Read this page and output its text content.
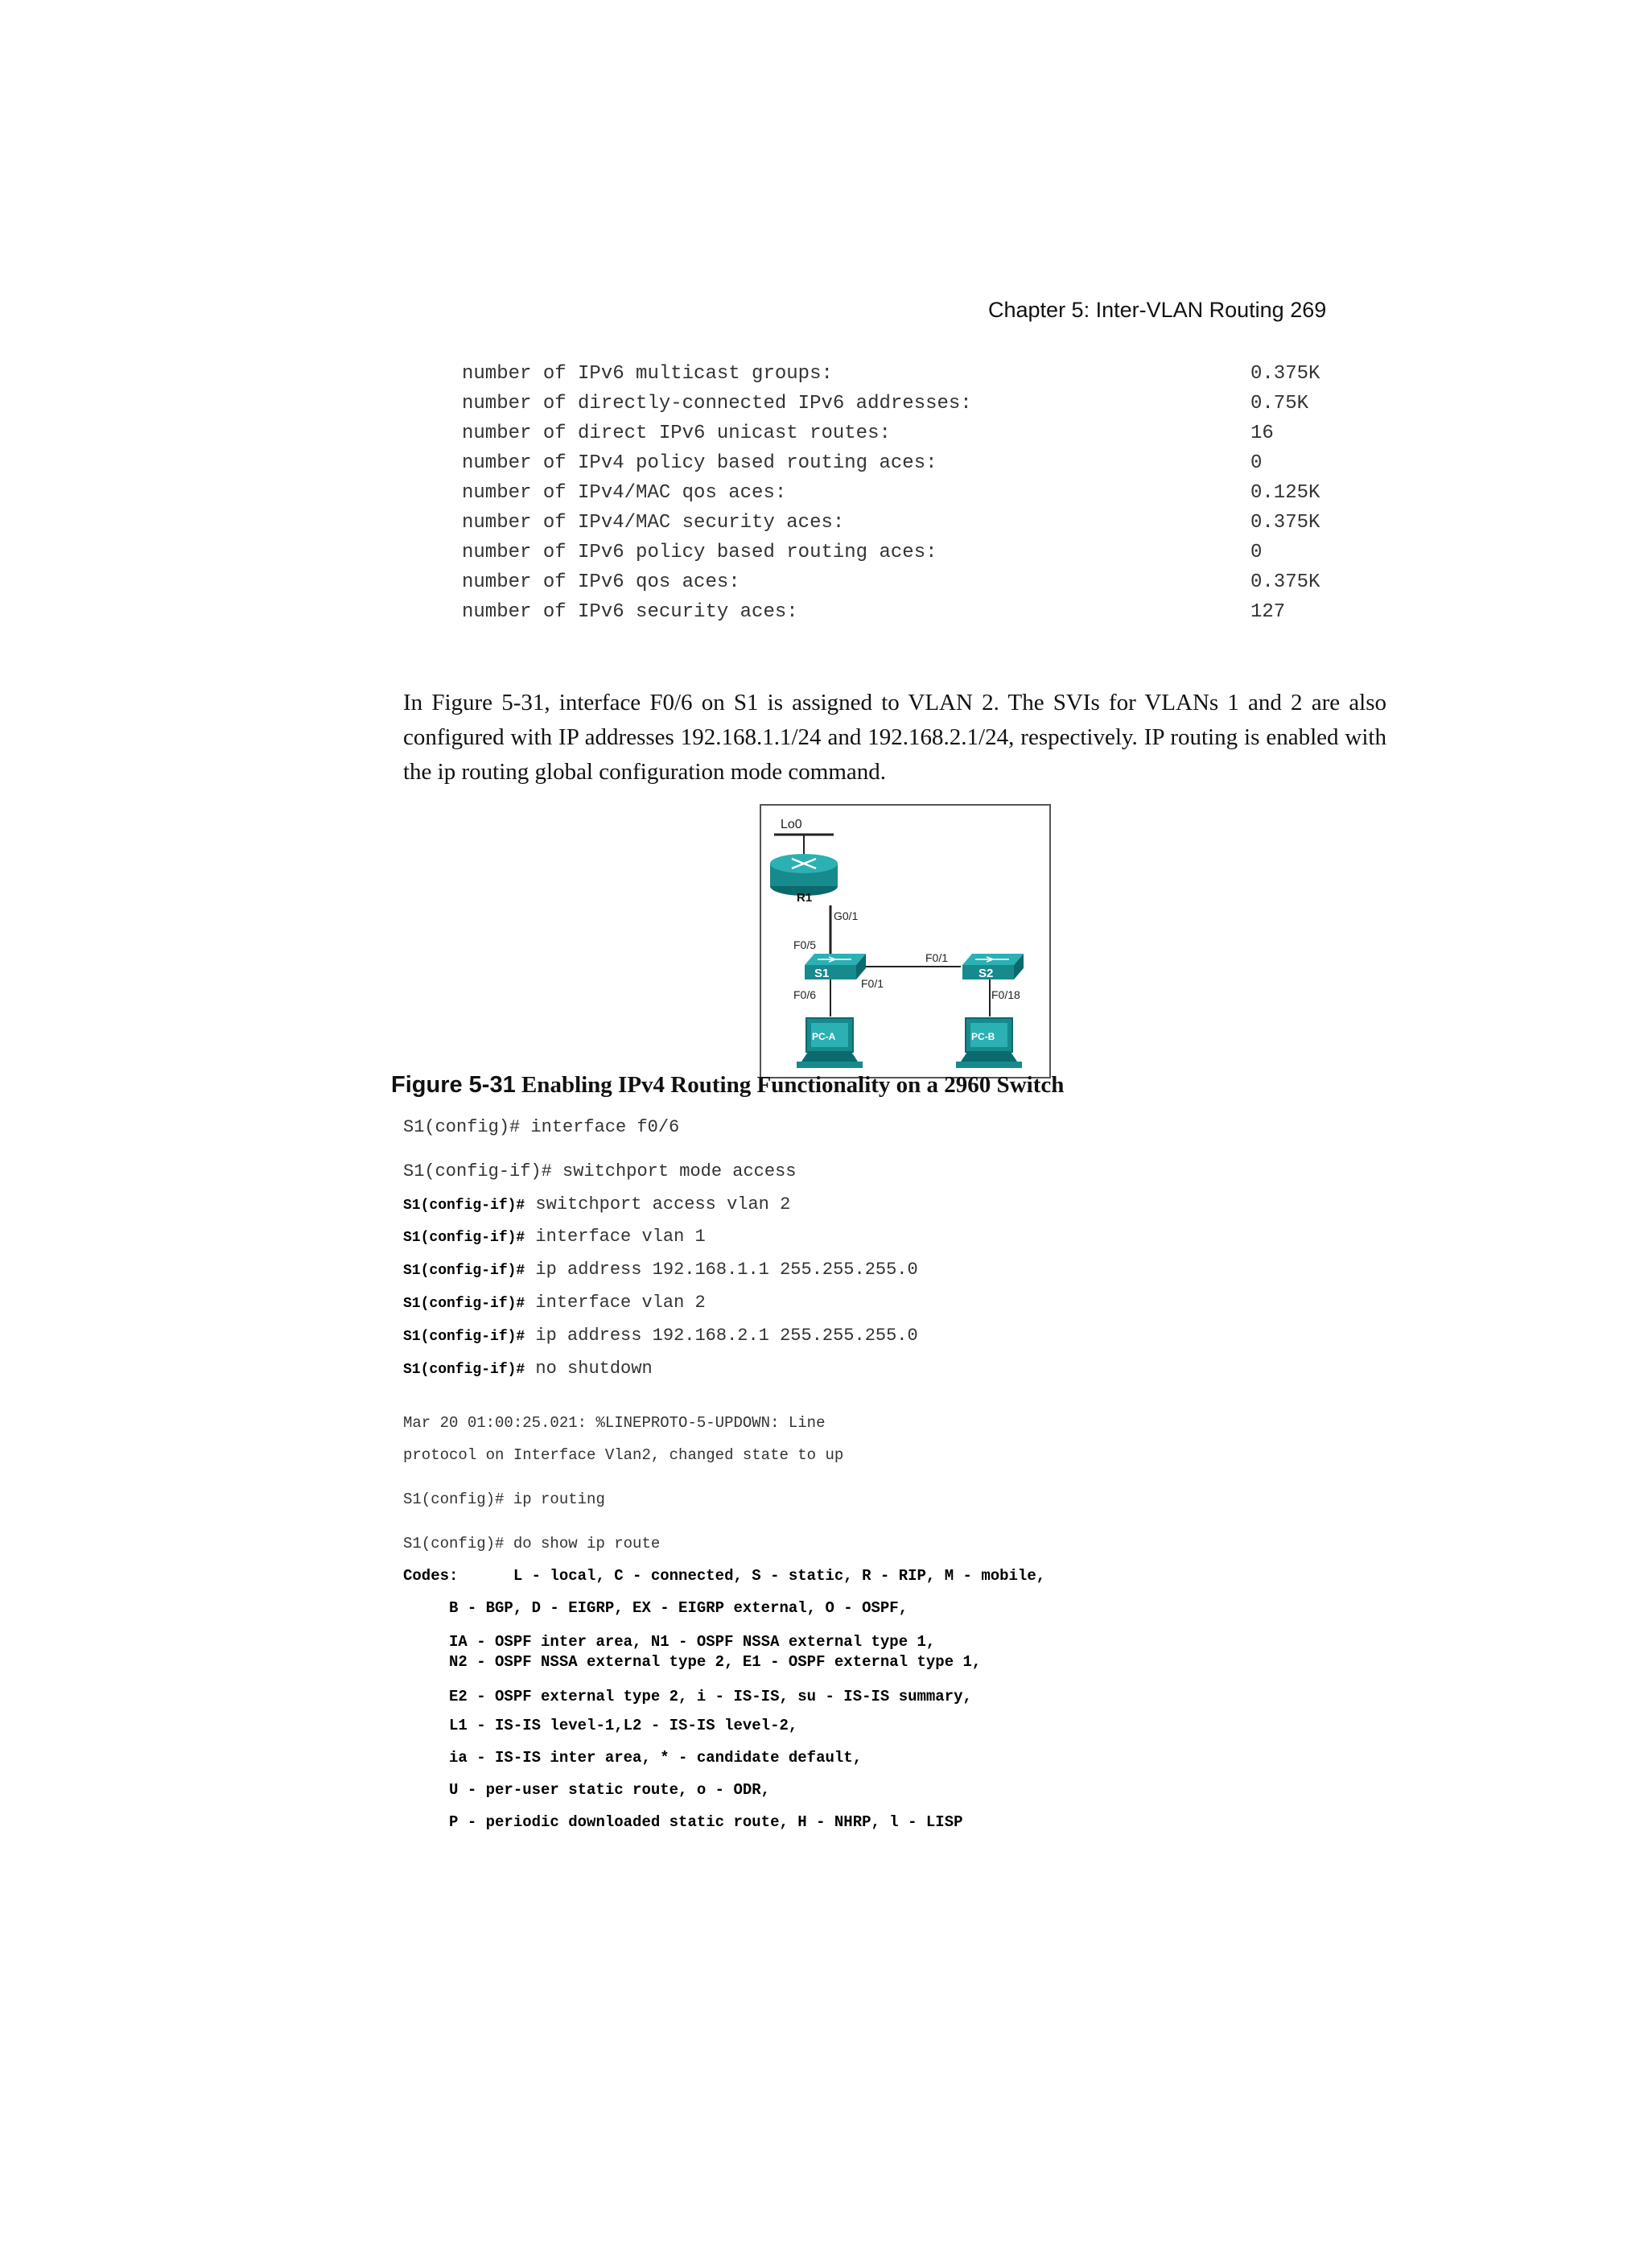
Chapter 5: Inter-VLAN Routing 269
number of IPv6 multicast groups:	0.375K
number of directly-connected IPv6 addresses:	0.75K
number of direct IPv6 unicast routes:	16
number of IPv4 policy based routing aces:	0
number of IPv4/MAC qos aces:	0.125K
number of IPv4/MAC security aces:	0.375K
number of IPv6 policy based routing aces:	0
number of IPv6 qos aces:	0.375K
number of IPv6 security aces:	127

In Figure 5-31, interface F0/6 on S1 is assigned to VLAN 2. The SVIs for VLANs 1 and 2 are also configured with IP addresses 192.168.1.1/24 and 192.168.2.1/24, respectively. IP routing is enabled with the ip routing global configuration mode command.

Lo0
R1
G0/1
F0/5
S1
F0/1
F0/1
S2
F0/6	F0/18
PC-A	PC-B
Figure 5-31 Enabling IPv4 Routing Functionality on a 2960 Switch
S1(config)# interface f0/6
S1(config-if)# switchport mode access
S1(config-if)# switchport access vlan 2
S1(config-if)# interface vlan 1
S1(config-if)# ip address 192.168.1.1 255.255.255.0
S1(config-if)# interface vlan 2
S1(config-if)# ip address 192.168.2.1 255.255.255.0
S1(config-if)# no shutdown
Mar 20 01:00:25.021: %LINEPROTO-5-UPDOWN: Line
protocol on Interface Vlan2, changed state to up
S1(config)# ip routing
S1(config)# do show ip route
Codes:      L - local, C - connected, S - static, R - RIP, M - mobile,
B - BGP, D - EIGRP, EX - EIGRP external, O - OSPF,
IA - OSPF inter area, N1 - OSPF NSSA external type 1,
N2 - OSPF NSSA external type 2, E1 - OSPF external type 1,
E2 - OSPF external type 2, i - IS-IS, su - IS-IS summary,
L1 - IS-IS level-1,L2 - IS-IS level-2,
ia - IS-IS inter area, * - candidate default,
U - per-user static route, o - ODR,
P - periodic downloaded static route, H - NHRP, l - LISP
